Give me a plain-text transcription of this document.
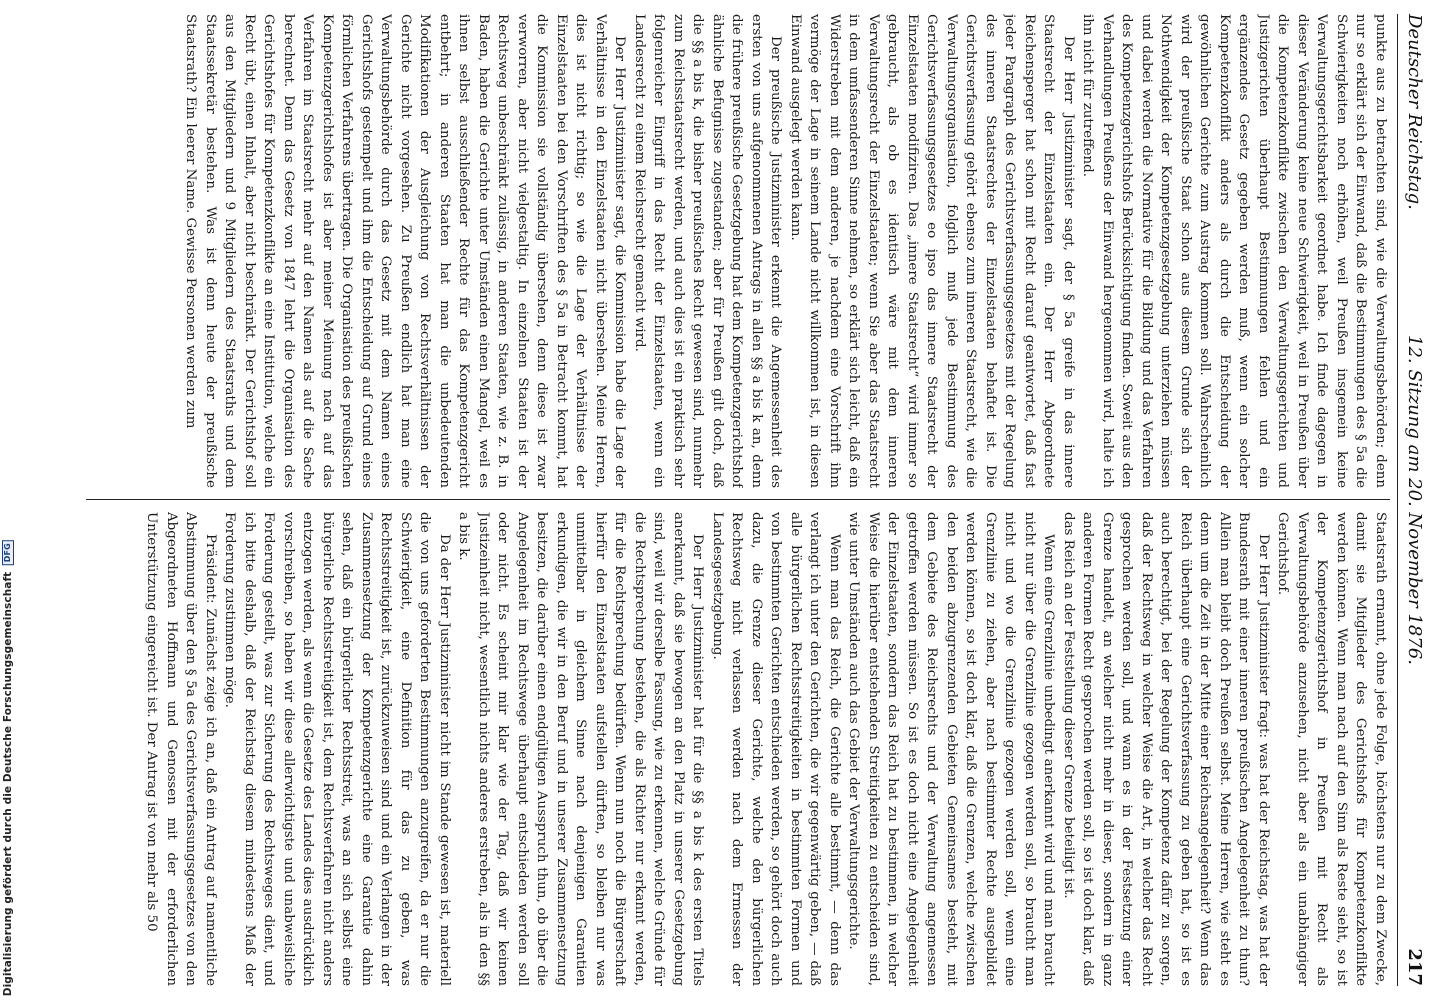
Digitalisierung gefördert durch die Deutsche Forschungsgemeinschaft DFG
Deutscher Reichstag.
12. Sitzung am 20. November 1876.
217

punkte aus zu betrachten sind, wie die Verwaltungsbehörden; denn nur so erklärt sich der Einwand, daß die Bestimmungen des § 5a die Schwierigkeiten noch erhöhen, weil Preußen insgemein keine Verwaltungsgerichtsbarkeit geordnet habe. Ich finde dagegen in dieser Veränderung keine neue Schwierigkeit, weil in Preußen über die Kompetenzkonflikte zwischen den Verwaltungsgerichten und Justizgerichten überhaupt Bestimmungen fehlen und ein ergänzendes Gesetz gegeben werden muß, wenn ein solcher Kompetenzkonflikt anders als durch die Entscheidung der gewöhnlichen Gerichte zum Austrag kommen soll. Wahrscheinlich wird der preußische Staat schon aus diesem Grunde sich der Nothwendigkeit der Kompetenzgesetzgebung unterziehen müssen und dabei werden die Normative für die Bildung und das Verfahren des Kompetenzgerichtshofs Berücksichtigung finden. Soweit aus den Verhandlungen Preußens der Einwand hergenommen wird, halte ich ihn nicht für zutreffend.

Der Herr Justizminister sagt, der § 5a greife in das innere Staatsrecht der Einzelstaaten ein. Der Herr Abgeordnete Reichensperger hat schon mit Recht darauf geantwortet, daß fast jeder Paragraph des Gerichtsverfassungsgesetzes mit der Regelung des inneren Staatsrechtes der Einzelstaaten behaftet ist. Die Gerichtsverfassung gehört ebenso zum inneren Staatsrecht, wie die Verwaltungsorganisation, folglich muß jede Bestimmung des Gerichtsverfassungsgesetzes eo ipso das innere Staatsrecht der Einzelstaaten modifiziren. Das „innere Staatsrecht“ wird immer so gebraucht, als ob es identisch wäre mit dem inneren Verwaltungsrecht der Einzelstaaten; wenn Sie aber das Staatsrecht in dem umfassenderen Sinne nehmen, so erklärt sich leicht, daß ein Widerstreben mit dem anderen, je nachdem eine Vorschrift ihm vermöge der Lage in seinem Lande nicht willkommen ist, in diesen Einwand ausgelegt werden kann.

Der preußische Justizminister erkennt die Angemessenheit des ersten von uns aufgenommenen Antrags in allen §§ a bis k an, denn die frühere preußische Gesetzgebung hat dem Kompetenzgerichtshof ähnliche Befugnisse zugestanden; aber für Preußen gilt doch, daß die §§ a bis k, die bisher preußisches Recht gewesen sind, nunmehr zum Reichsstaatsrecht werden, und auch dies ist ein praktisch sehr folgenreicher Eingriff in das Recht der Einzelstaaten, wenn ein Landesrecht zu einem Reichsrecht gemacht wird.

Der Herr Justizminister sagt, die Kommission habe die Lage der Verhältnisse in den Einzelstaaten nicht übersehen. Meine Herren, dies ist nicht richtig; so wie die Lage der Verhältnisse der Einzelstaaten bei den Vorschriften des § 5a in Betracht kommt, hat die Kommission sie vollständig übersehen, denn diese ist zwar verworren, aber nicht vielgestaltig. In einzelnen Staaten ist der Rechtsweg unbeschränkt zulässig, in anderen Staaten, wie z. B. in Baden, haben die Gerichte unter Umständen einen Mangel, weil es ihnen selbst ausschließender Rechte für das Kompetenzgericht entbehrt; in anderen Staaten hat man die unbedeutenden Modifikationen der Ausgleichung von Rechtsverhältnissen der Gerichte nicht vorgesehen. Zu Preußen endlich hat man eine Verwaltungsbehörde durch das Gesetz mit dem Namen eines Gerichtshofs gestempelt und ihm die Entscheidung auf Grund eines förmlichen Verfahrens übertragen. Die Organisation des preußischen Kompetenzgerichtshofes ist aber meiner Meinung nach auf das Verfahren im Staatsrecht mehr auf den Namen als auf die Sache berechnet. Denn das Gesetz von 1847 lehrt die Organisation des Gerichtshofes für Kompetenzkonflikte an eine Institution, welche ein Recht übt, einen Inhalt, aber nicht beschränkt. Der Gerichtshof soll aus den Mitgliedern und 9 Mitgliedern des Staatsraths und dem Staatssekretär bestehen. Was ist denn heute der preußische Staatsrath? Ein leerer Name. Gewisse Personen werden zum

Staatsrath ernannt, ohne jede Folge, höchstens nur zu dem Zwecke, damit sie Mitglieder des Gerichtshofs für Kompetenzkonflikte werden können. Wenn man nach auf den Sinn als Reste sieht, so ist der Kompetenzgerichtshof in Preußen mit Recht als Verwaltungsbehörde anzusehen, nicht aber als ein unabhängiger Gerichtshof.

Der Herr Justizminister fragt: was hat der Reichstag, was hat der Bundesrath mit einer inneren preußischen Angelegenheit zu thun? Allein man bleibt doch Preußen selbst. Meine Herren, wie steht es denn um die Zeit in der Mitte einer Reichsangelegenheit? Wenn das Reich überhaupt eine Gerichtsverfassung zu geben hat, so ist es auch berechtigt, bei der Regelung der Kompetenz dafür zu sorgen, daß der Rechtsweg in welcher Weise die Art, in welcher das Recht gesprochen werden soll, und wann es in der Festsetzung einer Grenze handelt, an welcher nicht mehr in dieser, sondern in ganz anderen Formen Recht gesprochen werden soll, so ist doch klar, daß das Reich an der Feststellung dieser Grenze beteiligt ist.

Wenn eine Grenzlinie unbedingt anerkannt wird und man braucht nicht nur über die Grenzlinie gezogen werden soll, so braucht man nicht und wo die Grenzlinie gezogen werden soll, wenn eine Grenzlinie zu ziehen, aber nach bestimmter Rechte ausgebildet werden können, so ist doch klar, daß die Grenzen, welche zwischen den beiden abzugrenzenden Gebieten Gemeinsames besteht, mit dem Gebiete des Reichsrechts und der Verwaltung angemessen getroffen werden müssen. So ist es doch nicht eine Angelegenheit der Einzelstaaten, sondern das Reich hat zu bestimmen, in welcher Weise die hierüber entstehenden Streitigkeiten zu entscheiden sind, wie unter Umständen auch das Gebiet der Verwaltungsgerichte.

Wenn man das Reich, die Gerichte alle bestimmt, — denn das verlangt ich unter den Gerichten, die wir gegenwärtig geben, — daß alle bürgerlichen Rechtsstreitigkeiten in bestimmten Formen und von bestimmten Gerichten entschieden werden, so gehört doch auch dazu, die Grenze dieser Gerichte, welche den bürgerlichen Rechtsweg nicht verlassen werden nach dem Ermessen der Landesgesetzgebung.

Der Herr Justizminister hat für die §§ a bis k des ersten Titels anerkannt, daß sie bewogen an den Platz in unserer Gesetzgebung sind, weil wir derselbe Fassung, wie zu erkennen, welche Gründe für die Rechtsprechung bestehen, die als Richter nur erkannt werden, für die Rechtsprechung bedürfen. Wenn nun noch die Bürgerschaft hierfür den Einzelstaaten aufstellen dürften, so bleiben nur was unmittelbar in gleichem Sinne nach denjenigen Garantien erkundigen, die wir in den Beruf und in unserer Zusammensetzung besitzen, die darüber einen endgültigen Ausspruch thun, ob über die Angelegenheit im Rechtswege überhaupt entschieden werden soll oder nicht. Es scheint mir klar wie der Tag, daß wir keinen Justizeinheit nicht, wesentlich nichts anderes erstreben, als in den §§ a bis k.

Da der Herr Justizminister nicht im Stande gewesen ist, materiell die von uns geforderten Bestimmungen anzugreifen, da er nur die Schwierigkeit, eine Definition für das zu geben, was Rechtsstreitigkeit ist, zurückzuweisen sind und ein Verlangen in der Zusammensetzung der Kompetenzgerichte eine Garantie dahin sehen, daß ein bürgerlicher Rechtsstreit, was an sich selbst eine bürgerliche Rechtsstreitigkeit ist, dem Rechtsverfahren nicht anders entzogen werden, als wenn die Gesetze des Landes dies ausdrücklich vorschreiben, so haben wir diese allerwichtigste und unabweisliche Forderung gestellt, was zur Sicherung des Rechtsweges dient, und ich bitte deshalb, daß der Reichstag diesem mindestens Maß der Forderung zustimmen möge.

Präsident: Zunächst zeige ich an, daß ein Antrag auf namentliche Abstimmung über den § 5a des Gerichtsverfassungsgesetzes von den Abgeordneten Hoffmann und Genossen mit der erforderlichen Unterstützung eingereicht ist. Der Antrag ist von mehr als 50
